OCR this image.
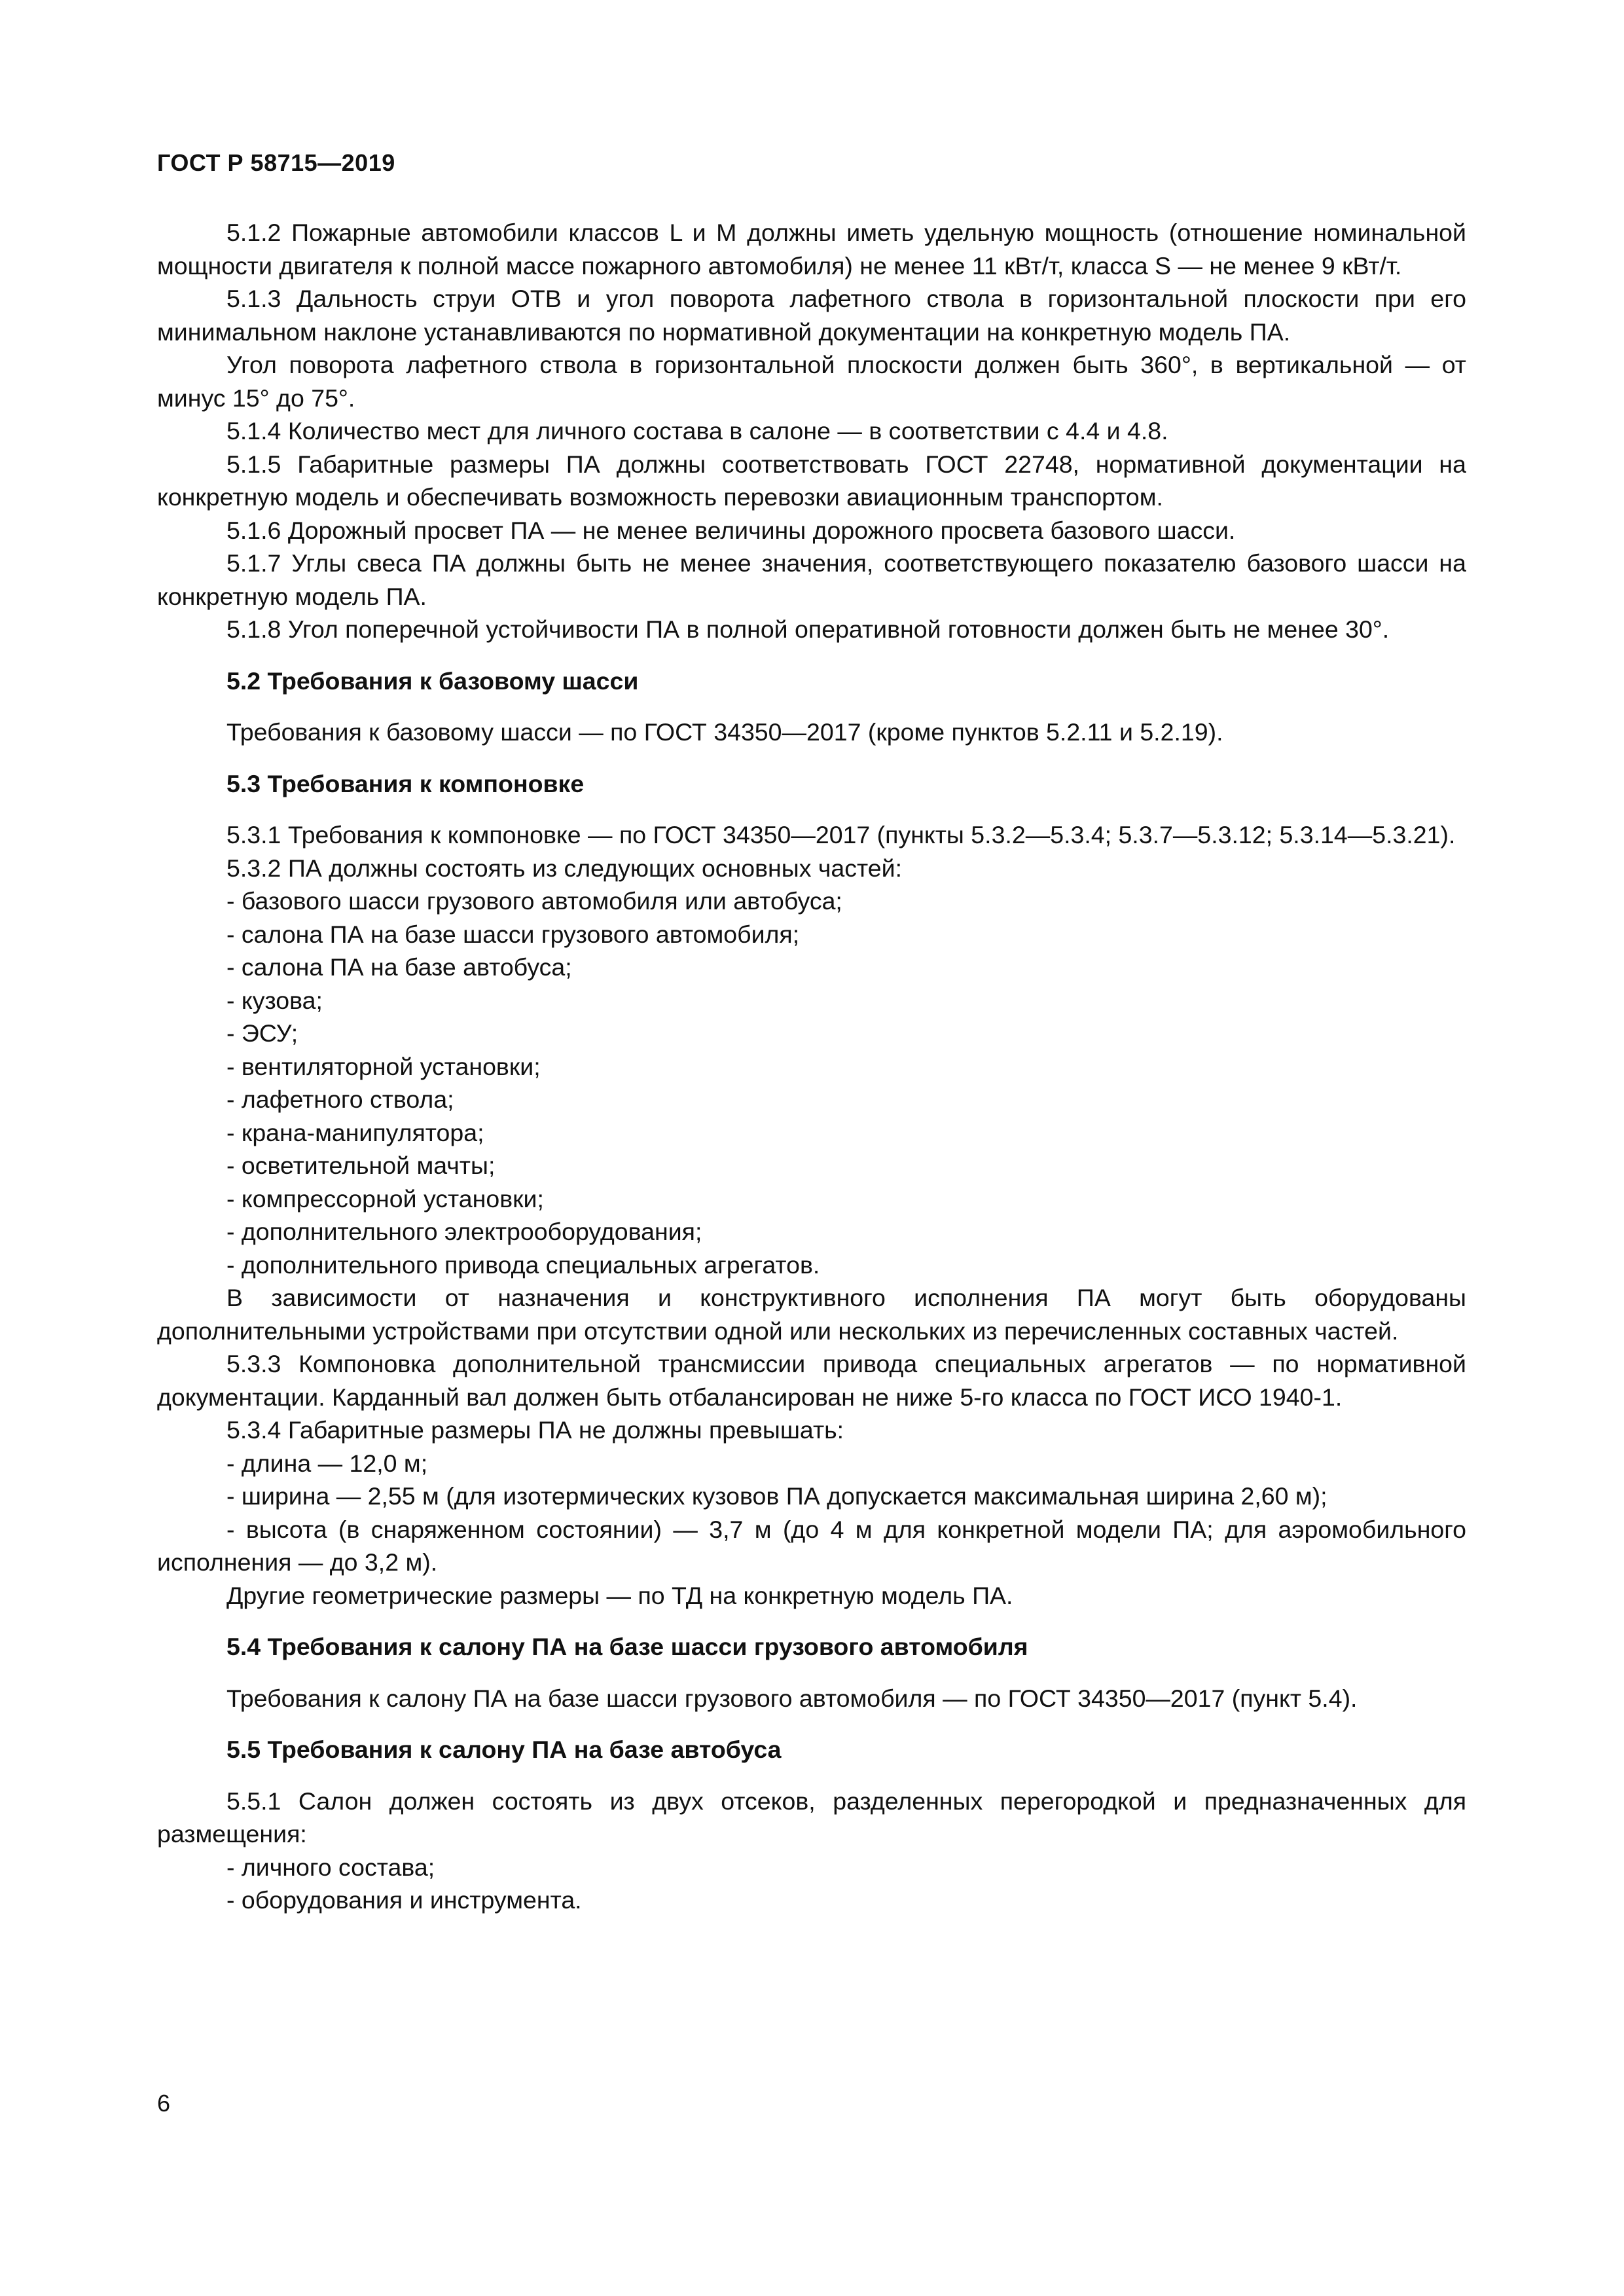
ГОСТ Р 58715—2019

5.1.2 Пожарные автомобили классов L и M должны иметь удельную мощность (отношение номинальной мощности двигателя к полной массе пожарного автомобиля) не менее 11 кВт/т, класса S — не менее 9 кВт/т.

5.1.3 Дальность струи ОТВ и угол поворота лафетного ствола в горизонтальной плоскости при его минимальном наклоне устанавливаются по нормативной документации на конкретную модель ПА.

Угол поворота лафетного ствола в горизонтальной плоскости должен быть 360°, в вертикальной — от минус 15° до 75°.

5.1.4 Количество мест для личного состава в салоне — в соответствии с 4.4 и 4.8.

5.1.5 Габаритные размеры ПА должны соответствовать ГОСТ 22748, нормативной документации на конкретную модель и обеспечивать возможность перевозки авиационным транспортом.

5.1.6 Дорожный просвет ПА — не менее величины дорожного просвета базового шасси.

5.1.7 Углы свеса ПА должны быть не менее значения, соответствующего показателю базового шасси на конкретную модель ПА.

5.1.8 Угол поперечной устойчивости ПА в полной оперативной готовности должен быть не менее 30°.

5.2 Требования к базовому шасси

Требования к базовому шасси — по ГОСТ 34350—2017 (кроме пунктов 5.2.11 и 5.2.19).

5.3 Требования к компоновке

5.3.1 Требования к компоновке — по ГОСТ 34350—2017 (пункты 5.3.2—5.3.4; 5.3.7—5.3.12; 5.3.14—5.3.21).

5.3.2 ПА должны состоять из следующих основных частей:

- базового шасси грузового автомобиля или автобуса;

- салона ПА на базе шасси грузового автомобиля;

- салона ПА на базе автобуса;

- кузова;

- ЭСУ;

- вентиляторной установки;

- лафетного ствола;

- крана-манипулятора;

- осветительной мачты;

- компрессорной установки;

- дополнительного электрооборудования;

- дополнительного привода специальных агрегатов.

В зависимости от назначения и конструктивного исполнения ПА могут быть оборудованы дополнительными устройствами при отсутствии одной или нескольких из перечисленных составных частей.

5.3.3 Компоновка дополнительной трансмиссии привода специальных агрегатов — по нормативной документации. Карданный вал должен быть отбалансирован не ниже 5-го класса по ГОСТ ИСО 1940-1.

5.3.4 Габаритные размеры ПА не должны превышать:

- длина — 12,0 м;

- ширина — 2,55 м (для изотермических кузовов ПА допускается максимальная ширина 2,60 м);

- высота (в снаряженном состоянии) — 3,7 м (до 4 м для конкретной модели ПА; для аэромобильного исполнения — до 3,2 м).

Другие геометрические размеры — по ТД на конкретную модель ПА.

5.4 Требования к салону ПА на базе шасси грузового автомобиля

Требования к салону ПА на базе шасси грузового автомобиля — по ГОСТ 34350—2017 (пункт 5.4).

5.5 Требования к салону ПА на базе автобуса

5.5.1 Салон должен состоять из двух отсеков, разделенных перегородкой и предназначенных для размещения:

- личного состава;

- оборудования и инструмента.

6
